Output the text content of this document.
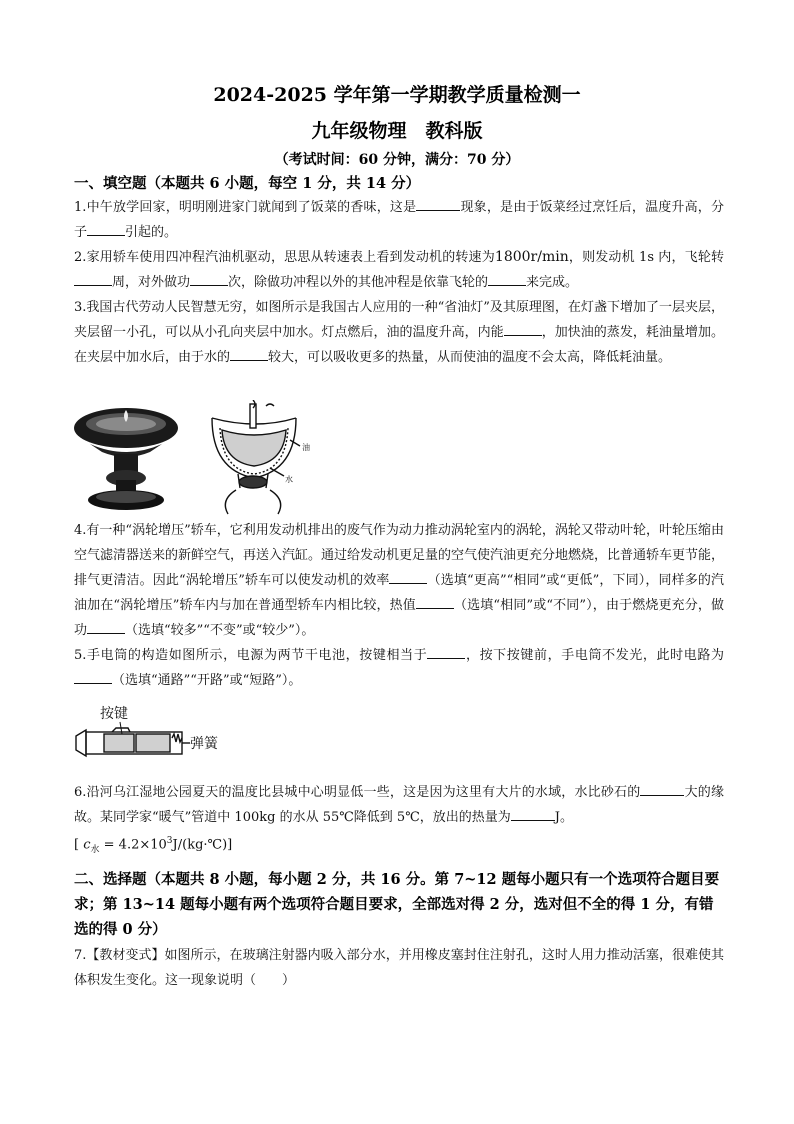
2024-2025 学年第一学期教学质量检测一
九年级物理　教科版
（考试时间：60 分钟，满分：70 分）
一、填空题（本题共 6 小题，每空 1 分，共 14 分）
1.中午放学回家，明明刚进家门就闻到了饭菜的香味，这是	现象，是由于饭菜经过烹饪后，温度升高，分子	引起的。
2.家用轿车使用四冲程汽油机驱动，思思从转速表上看到发动机的转速为1800r/min，则发动机 1s 内，飞轮转周，对外做功	次，除做功冲程以外的其他冲程是依靠飞轮的	来完成。
3.我国古代劳动人民智慧无穷，如图所示是我国古人应用的一种“省油灯”及其原理图，在灯盏下增加了一层夹层，夹层留一小孔，可以从小孔向夹层中加水。灯点燃后，油的温度升高，内能	，加快油的蒸发，耗油量增加。在夹层中加水后，由于水的	较大，可以吸收更多的热量，从而使油的温度不会太高，降低耗油量。
油
水
4.有一种“涡轮增压”轿车，它利用发动机排出的废气作为动力推动涡轮室内的涡轮，涡轮又带动叶轮，叶轮压缩由空气滤清器送来的新鲜空气，再送入汽缸。通过给发动机更足量的空气使汽油更充分地燃烧，比普通轿车更节能，排气更清洁。因此“涡轮增压”轿车可以使发动机的效率	（选填“更高”“相同”或“更低”，下同），同样多的汽油加在“涡轮增压”轿车内与加在普通型轿车内相比较，热值	（选填“相同”或“不同”），由于燃烧更充分，做功	（选填“较多”“不变”或“较少”）。
5.手电筒的构造如图所示，电源为两节干电池，按键相当于	，按下按键前，手电筒不发光，此时电路为（选填“通路”“开路”或“短路”）。
按键
弹簧
6.沿河乌江湿地公园夏天的温度比县城中心明显低一些，这是因为这里有大片的水域，水比砂石的	大的缘故。某同学家“暖气”管道中 100kg 的水从 55℃降低到 5℃，放出的热量为	J。
[ $c_水$ = $4.2\times 10^3J/(kg\cdot℃)$]
二、选择题（本题共 8 小题，每小题 2 分，共 16 分。第 7~12 题每小题只有一个选项符合题目要求；第 13~14 题每小题有两个选项符合题目要求，全部选对得 2 分，选对但不全的得 1 分，有错选的得 0 分）
7.【教材变式】如图所示，在玻璃注射器内吸入部分水，并用橡皮塞封住注射孔，这时人用力推动活塞，很难使其体积发生变化。这一现象说明（　　）
